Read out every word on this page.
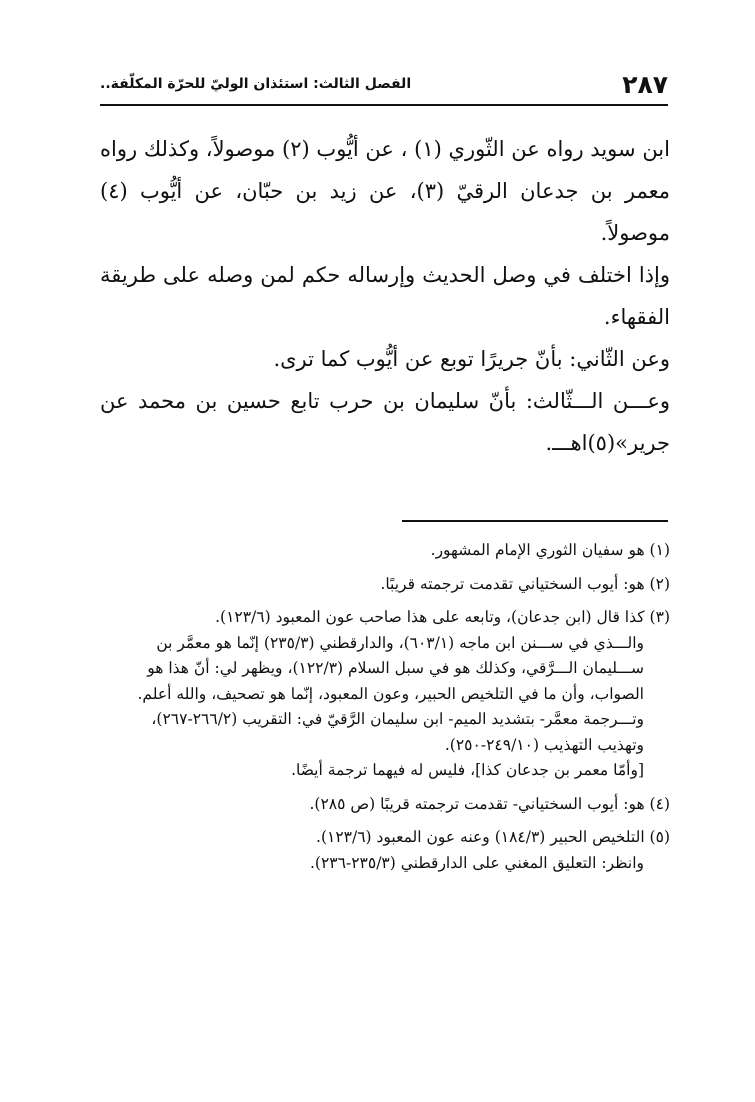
٢٨٧
الفصل الثالث: استئذان الوليّ للحرّة المكلّفة..

ابن سويد رواه عن الثّوري (١) ، عن أيُّوب (٢) موصولاً، وكذلك رواه معمر بن جدعان الرقيّ (٣)، عن زيد بن حبّان، عن أيُّوب (٤) موصولاً.

وإذا اختلف في وصل الحديث وإرساله حكم لمن وصله على طريقة الفقهاء.

وعن الثّاني: بأنّ جريرًا توبع عن أيُّوب كما ترى.

وعـــن الـــثّالث: بأنّ سليمان بن حرب تابع حسين بن محمد عن جرير»(٥)اهـــ.

(١) هو سفيان الثوري الإمام المشهور.

(٢) هو: أيوب السختياني تقدمت ترجمته قريبًا.

(٣) كذا قال (ابن جدعان)، وتابعه على هذا صاحب عون المعبود (١٢٣/٦).

والـــذي في ســـنن ابن ماجه (٦٠٣/١)، والدارقطني (٢٣٥/٣) إنّما هو معمَّر بن ســـليمان الـــرَّقي، وكذلك هو في سبل السلام (١٢٢/٣)، ويظهر لي: أنّ هذا هو الصواب، وأن ما في التلخيص الحبير، وعون المعبود، إنّما هو تصحيف، والله أعلم.

وتـــرجمة معمَّر- بتشديد الميم- ابن سليمان الرَّقيّ في: التقريب (٢٦٦/٢-٢٦٧)، وتهذيب التهذيب (٢٤٩/١٠-٢٥٠).

[وأمّا معمر بن جدعان كذا]، فليس له فيهما ترجمة أيضًا.

(٤) هو: أيوب السختياني- تقدمت ترجمته قريبًا (ص ٢٨٥).

(٥) التلخيص الحبير (١٨٤/٣) وعنه عون المعبود (١٢٣/٦).

وانظر: التعليق المغني على الدارقطني (٢٣٥/٣-٢٣٦).
